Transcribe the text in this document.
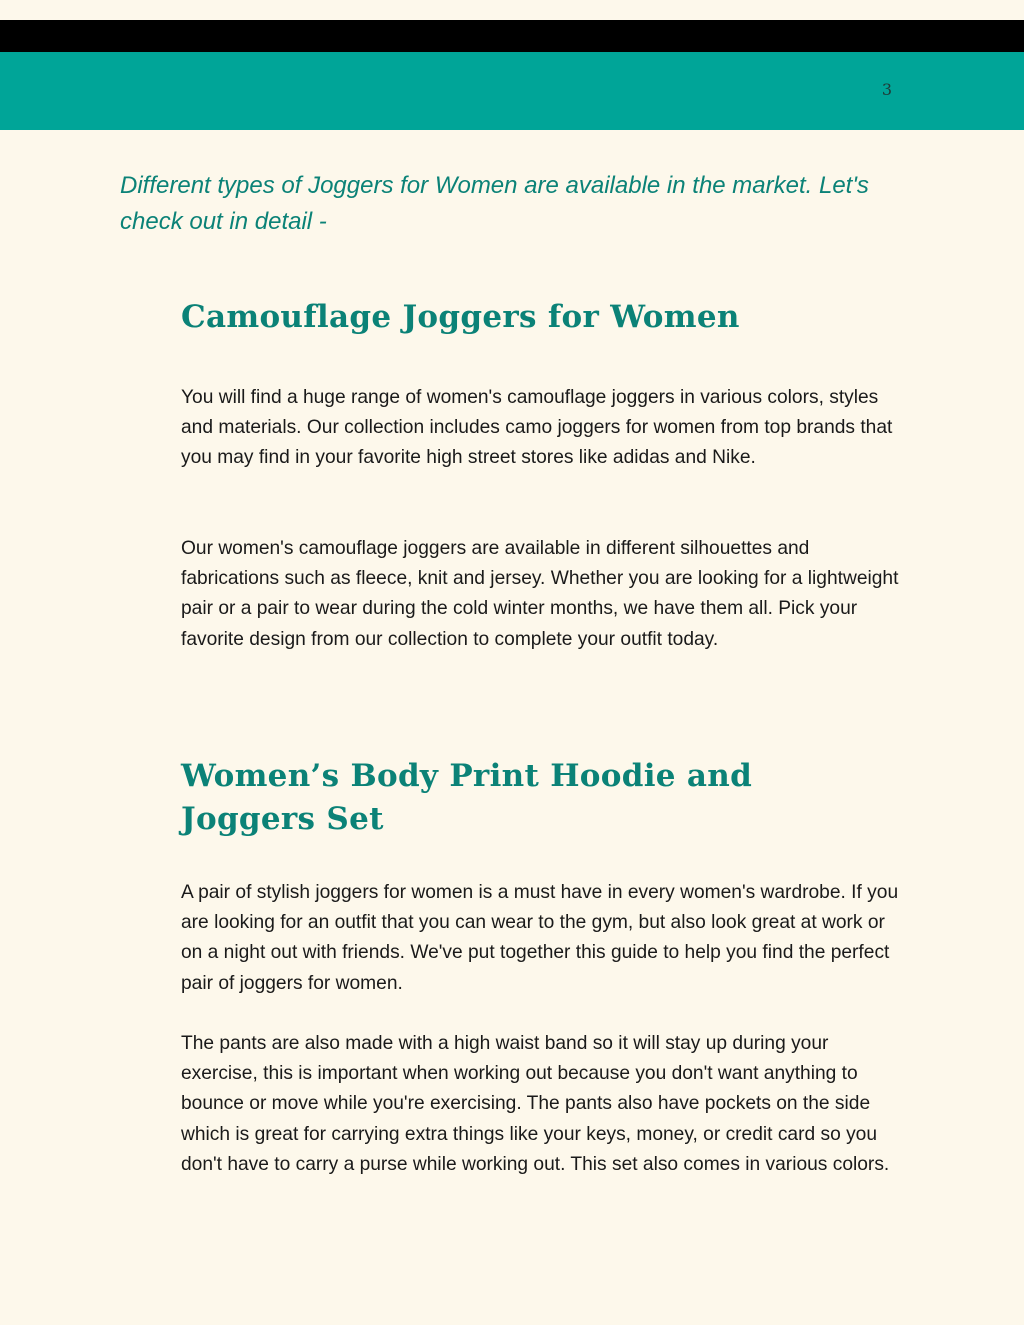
3

Different types of Joggers for Women are available in the market. Let's check out in detail -

Camouflage Joggers for Women

You will find a huge range of women's camouflage joggers in various colors, styles and materials. Our collection includes camo joggers for women from top brands that you may find in your favorite high street stores like adidas and Nike.

Our women's camouflage joggers are available in different silhouettes and fabrications such as fleece, knit and jersey. Whether you are looking for a lightweight pair or a pair to wear during the cold winter months, we have them all. Pick your favorite design from our collection to complete your outfit today.

Women’s Body Print Hoodie and Joggers Set

A pair of stylish joggers for women is a must have in every women's wardrobe. If you are looking for an outfit that you can wear to the gym, but also look great at work or on a night out with friends. We've put together this guide to help you find the perfect pair of joggers for women.

The pants are also made with a high waist band so it will stay up during your exercise, this is important when working out because you don't want anything to bounce or move while you're exercising. The pants also have pockets on the side which is great for carrying extra things like your keys, money, or credit card so you don't have to carry a purse while working out. This set also comes in various colors.
